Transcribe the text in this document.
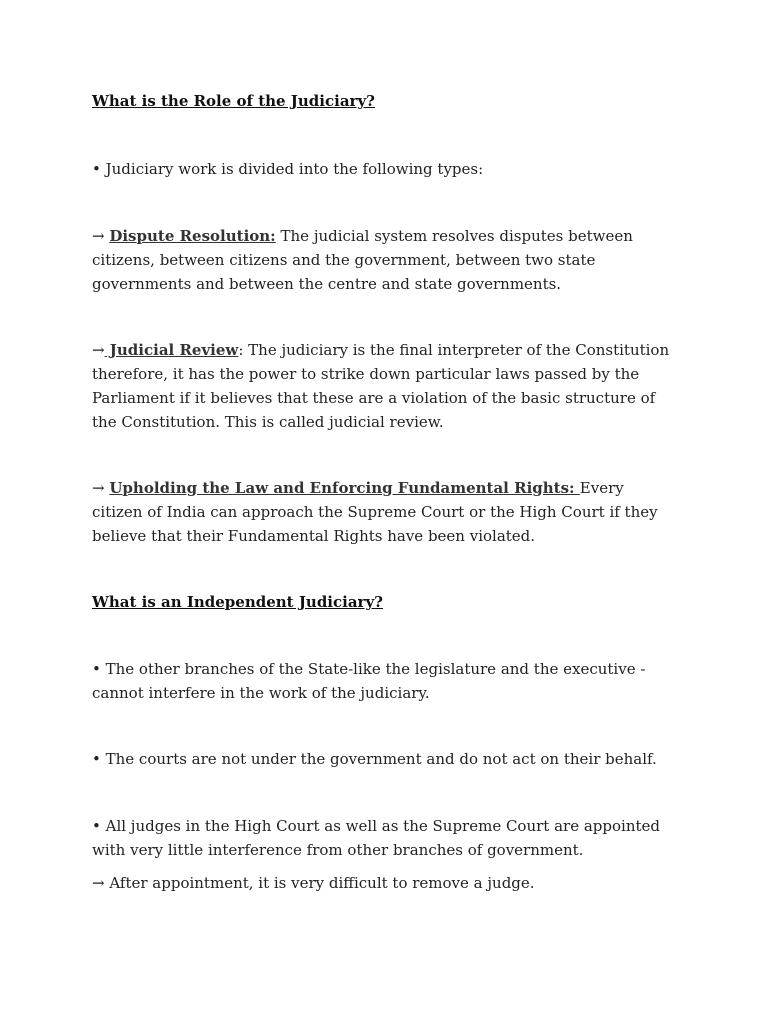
What is the Role of the Judiciary?

• Judiciary work is divided into the following types:

→ Dispute Resolution: The judicial system resolves disputes between citizens, between citizens and the government, between two state governments and between the centre and state governments.

→ Judicial Review: The judiciary is the final interpreter of the Constitution therefore, it has the power to strike down particular laws passed by the Parliament if it believes that these are a violation of the basic structure of the Constitution. This is called judicial review.

→ Upholding the Law and Enforcing Fundamental Rights: Every citizen of India can approach the Supreme Court or the High Court if they believe that their Fundamental Rights have been violated.

What is an Independent Judiciary?

• The other branches of the State-like the legislature and the executive - cannot interfere in the work of the judiciary.

• The courts are not under the government and do not act on their behalf.

• All judges in the High Court as well as the Supreme Court are appointed with very little interference from other branches of government.

→ After appointment, it is very difficult to remove a judge.
